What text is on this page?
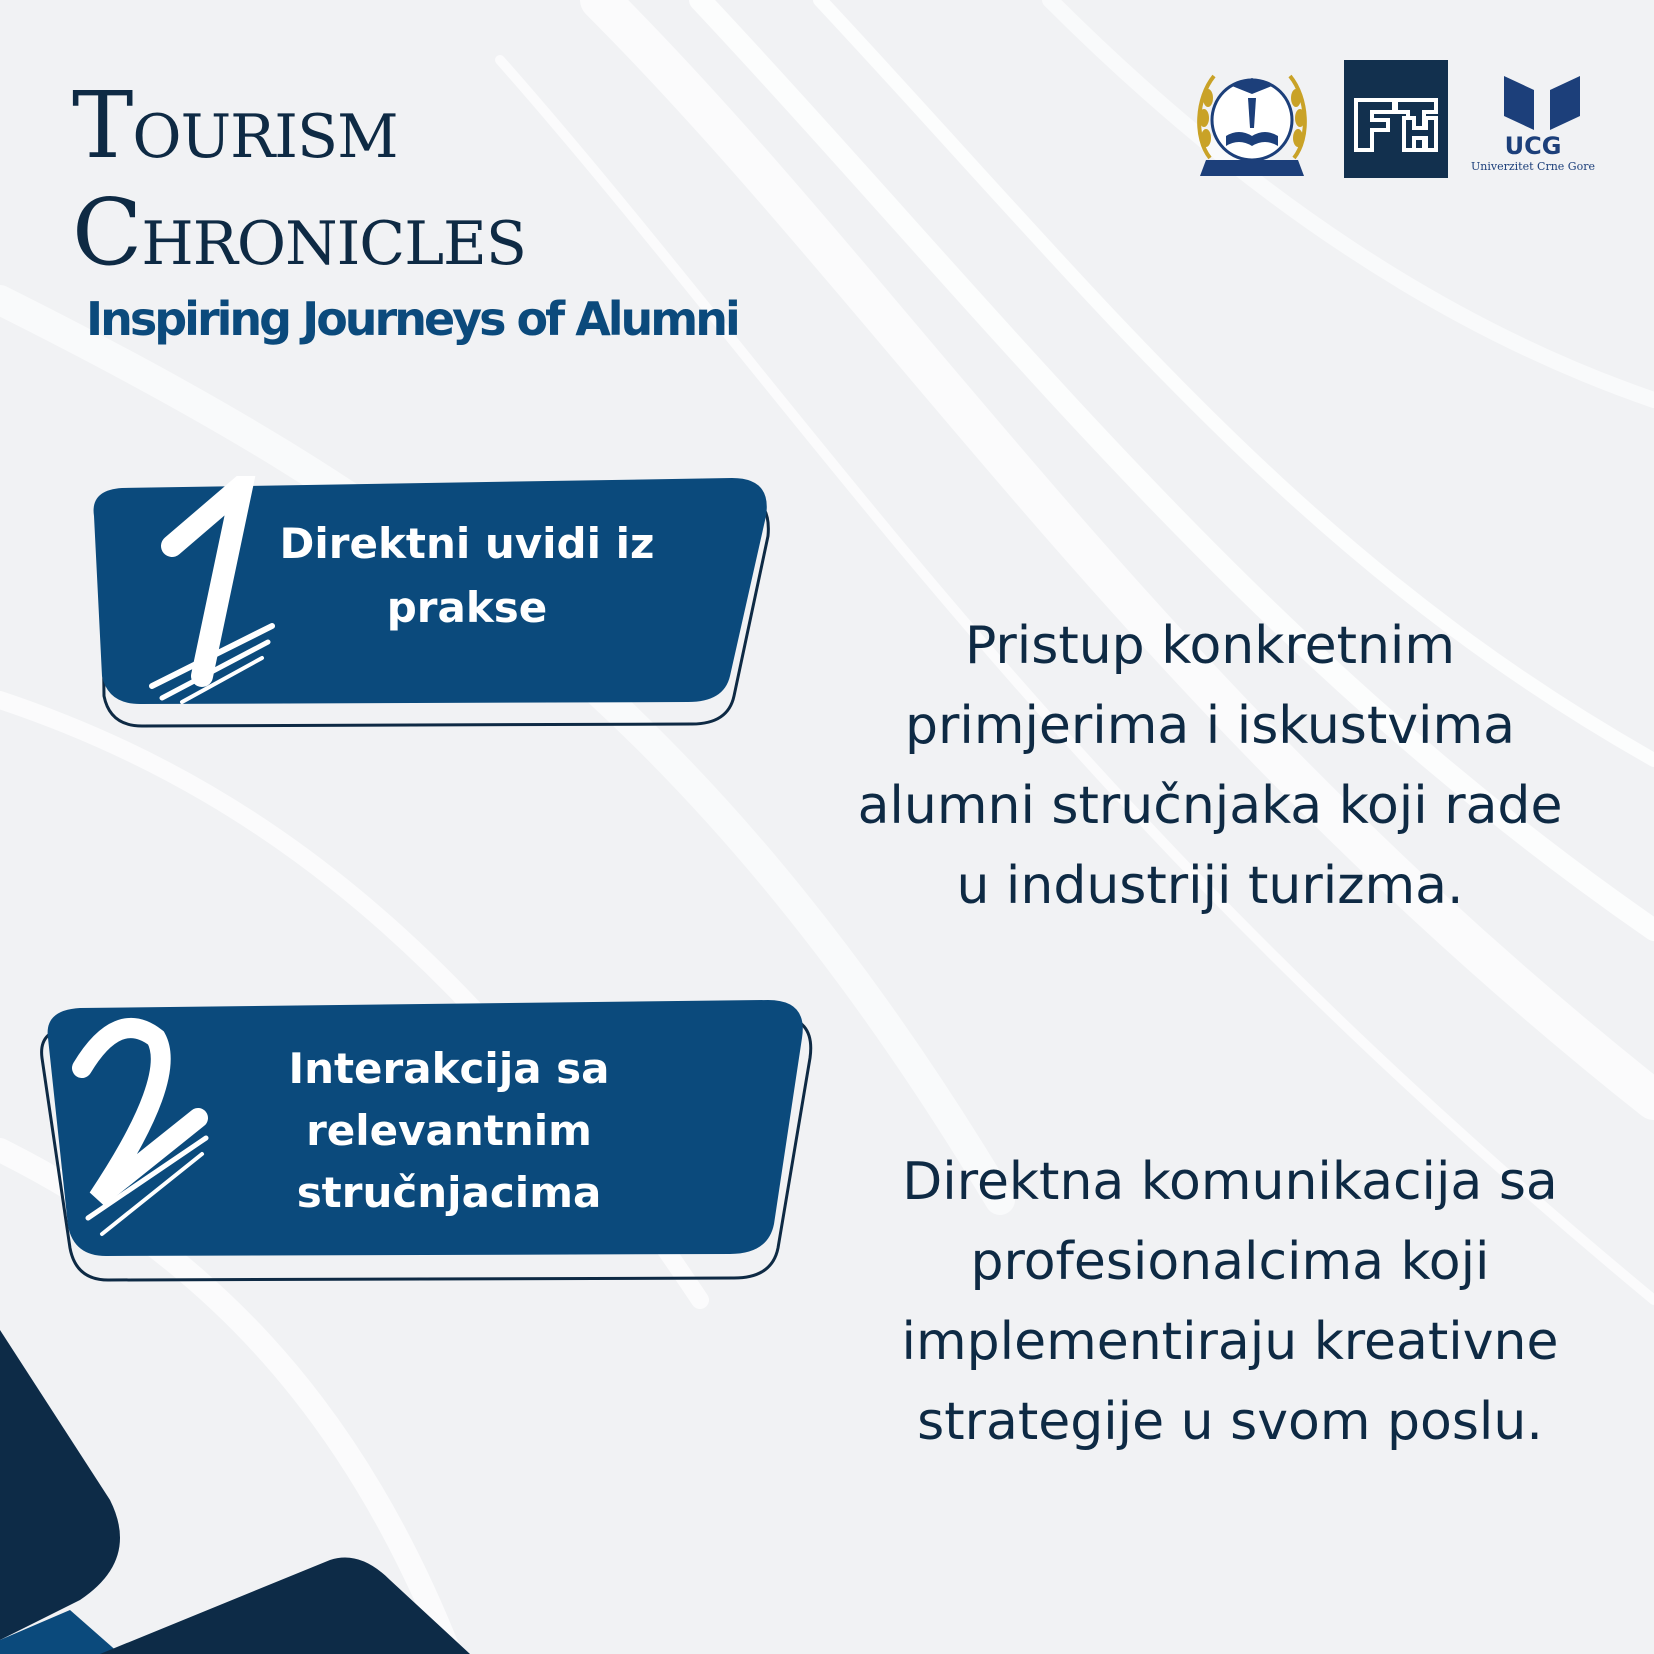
TOURISM
CHRONICLES
Inspiring Journeys of Alumni
UCG
Univerzitet Crne Gore
Direktni uvidi iz prakse
Interakcija sa relevantnim stručnjacima
Pristup konkretnim primjerima i iskustvima alumni stručnjaka koji rade u industriji turizma.
Direktna komunikacija sa profesionalcima koji implementiraju kreativne strategije u svom poslu.
